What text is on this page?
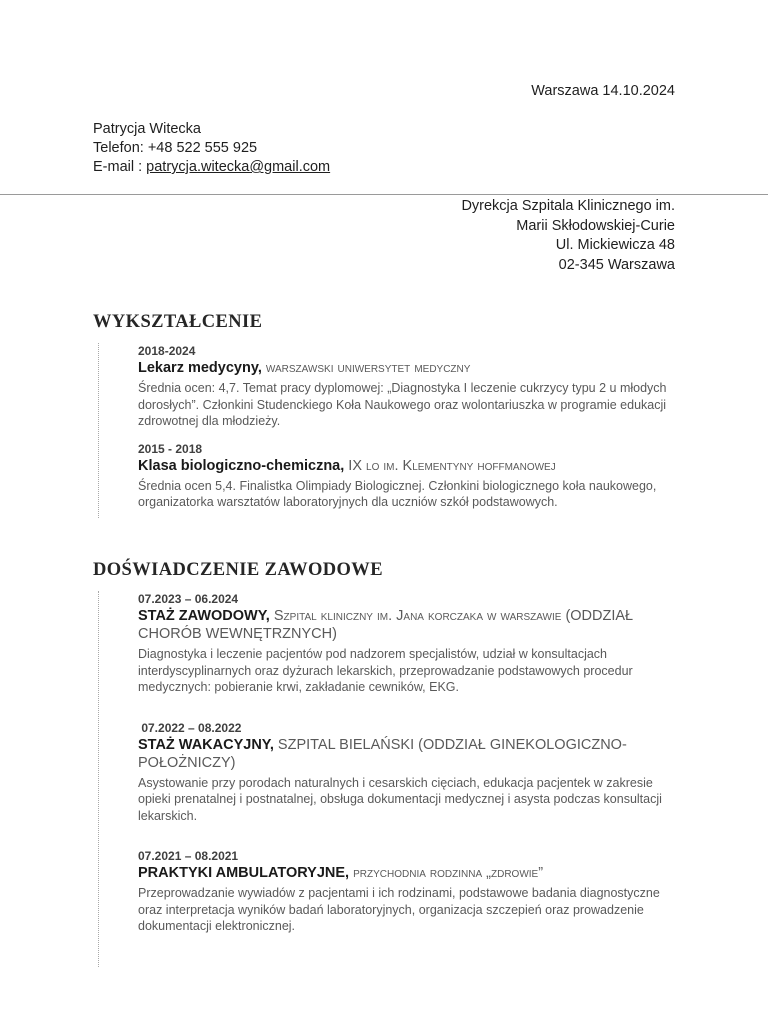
Warszawa 14.10.2024
Patrycja Witecka
Telefon: +48 522 555 925
E-mail : patrycja.witecka@gmail.com
Dyrekcja Szpitala Klinicznego im.
Marii Skłodowskiej-Curie
Ul. Mickiewicza 48
02-345 Warszawa
WYKSZTAŁCENIE
2018-2024
Lekarz medycyny, warszawski uniwersytet medyczny
Średnia ocen: 4,7. Temat pracy dyplomowej: „Diagnostyka I leczenie cukrzycy typu 2 u młodych dorosłych”. Członkini Studenckiego Koła Naukowego oraz wolontariuszka w programie edukacji zdrowotnej dla młodzieży.
2015 - 2018
Klasa biologiczno-chemiczna, IX lo im. Klementyny hoffmanowej
Średnia ocen 5,4. Finalistka Olimpiady Biologicznej. Członkini biologicznego koła naukowego, organizatorka warsztatów laboratoryjnych dla uczniów szkół podstawowych.
DOŚWIADCZENIE ZAWODOWE
07.2023 – 06.2024
STAŻ ZAWODOWY, Szpital kliniczny im. Jana korczaka w warszawie (ODDZIAŁ CHORÓB WEWNĘTRZNYCH)
Diagnostyka i leczenie pacjentów pod nadzorem specjalistów, udział w konsultacjach interdyscyplinarnych oraz dyżurach lekarskich, przeprowadzanie podstawowych procedur medycznych: pobieranie krwi, zakładanie cewników, EKG.
07.2022 – 08.2022
STAŻ WAKACYJNY, SZPITAL BIELAŃSKI (ODDZIAŁ GINEKOLOGICZNO-POŁOŻNICZY)
Asystowanie przy porodach naturalnych i cesarskich cięciach, edukacja pacjentek w zakresie opieki prenatalnej i postnatalnej, obsługa dokumentacji medycznej i asysta podczas konsultacji lekarskich.
07.2021 – 08.2021
PRAKTYKI AMBULATORYJNE, przychodnia rodzinna „zdrowie”
Przeprowadzanie wywiadów z pacjentami i ich rodzinami, podstawowe badania diagnostyczne oraz interpretacja wyników badań laboratoryjnych, organizacja szczepień oraz prowadzenie dokumentacji elektronicznej.
